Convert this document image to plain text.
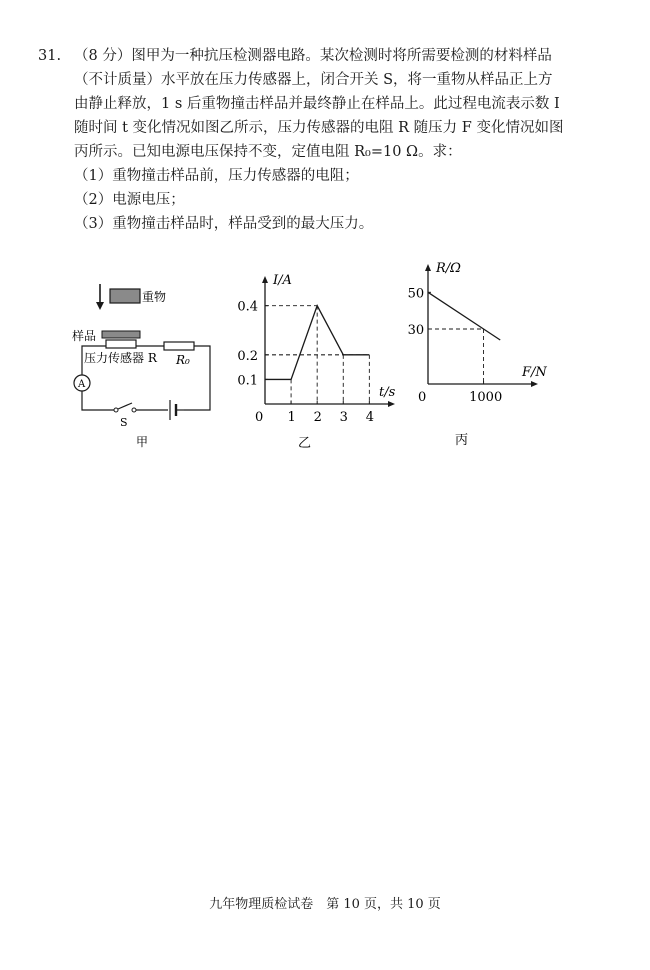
31. （8 分）图甲为一种抗压检测器电路。某次检测时将所需要检测的材料样品
（不计质量）水平放在压力传感器上，闭合开关 S，将一重物从样品正上方
由静止释放，1 s 后重物撞击样品并最终静止在样品上。此过程电流表示数 I
随时间 t 变化情况如图乙所示，压力传感器的电阻 R 随压力 F 变化情况如图
丙所示。已知电源电压保持不变，定值电阻 R₀=10 Ω。求：
（1）重物撞击样品前，压力传感器的电阻；
（2）电源电压；
（3）重物撞击样品时，样品受到的最大压力。
重物
样品
压力传感器 R R₀
A
S
甲
I/A
t/s
0 1 2 3 4
0.1
0.2
0.4
乙
R/Ω
F/N
0	1000
30
50
丙
九年物理质检试卷　第 10 页，共 10 页
